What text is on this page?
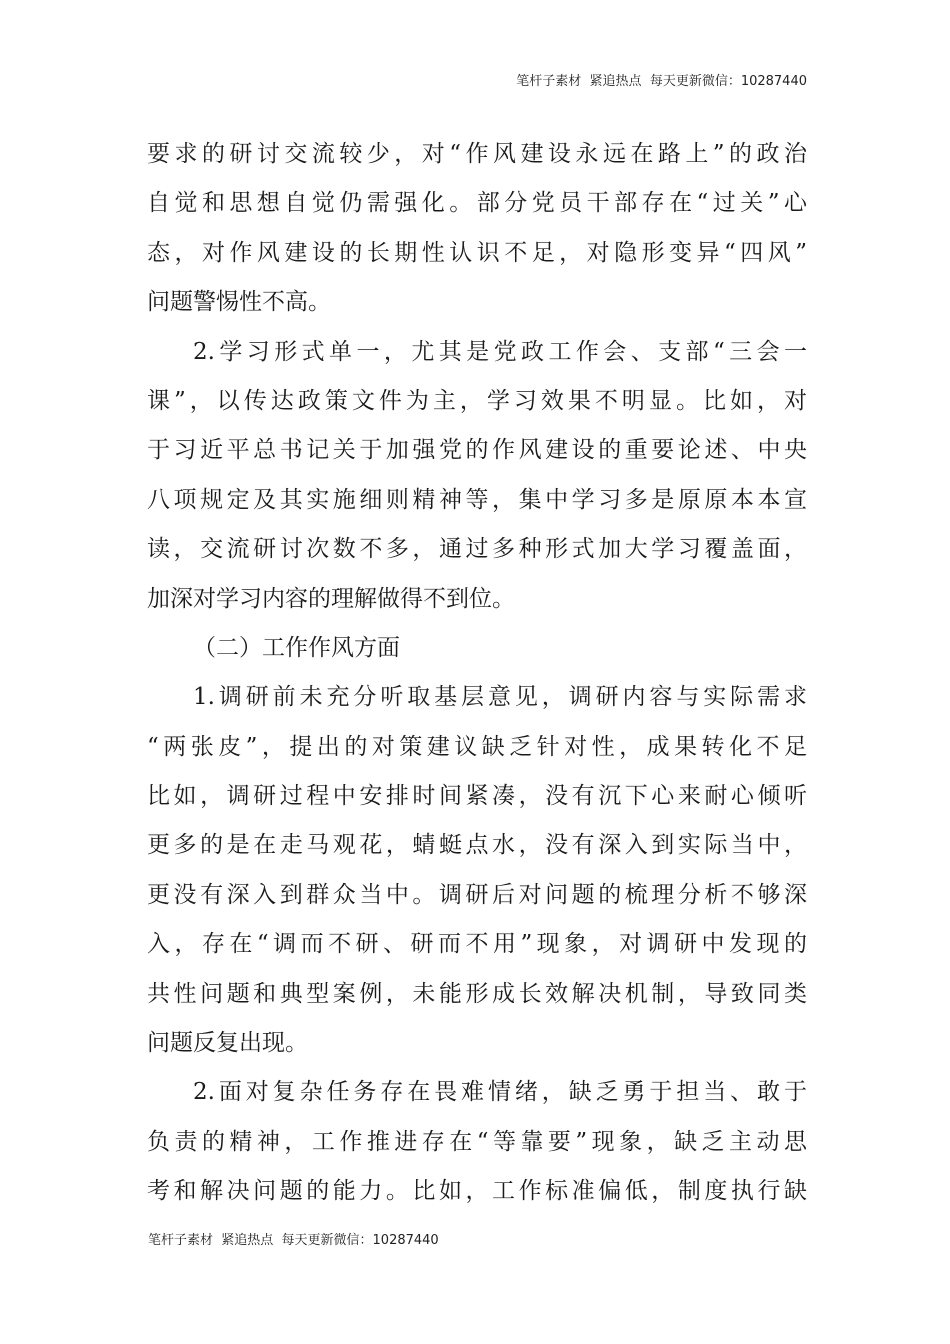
笔杆子素材  紧追热点  每天更新微信：10287440
要求的研讨交流较少，对“作风建设永远在路上”的政治
自觉和思想自觉仍需强化。部分党员干部存在“过关”心
态，对作风建设的长期性认识不足，对隐形变异“四风”
问题警惕性不高。
2.学习形式单一，尤其是党政工作会、支部“三会一
课”，以传达政策文件为主，学习效果不明显。比如，对
于习近平总书记关于加强党的作风建设的重要论述、中央
八项规定及其实施细则精神等，集中学习多是原原本本宣
读，交流研讨次数不多，通过多种形式加大学习覆盖面，
加深对学习内容的理解做得不到位。
（二）工作作风方面
1.调研前未充分听取基层意见，调研内容与实际需求
“两张皮”，提出的对策建议缺乏针对性，成果转化不足
比如，调研过程中安排时间紧凑，没有沉下心来耐心倾听
更多的是在走马观花，蜻蜓点水，没有深入到实际当中，
更没有深入到群众当中。调研后对问题的梳理分析不够深
入，存在“调而不研、研而不用”现象，对调研中发现的
共性问题和典型案例，未能形成长效解决机制，导致同类
问题反复出现。
2.面对复杂任务存在畏难情绪，缺乏勇于担当、敢于
负责的精神，工作推进存在“等靠要”现象，缺乏主动思
考和解决问题的能力。比如，工作标准偏低，制度执行缺
笔杆子素材  紧追热点  每天更新微信：10287440
